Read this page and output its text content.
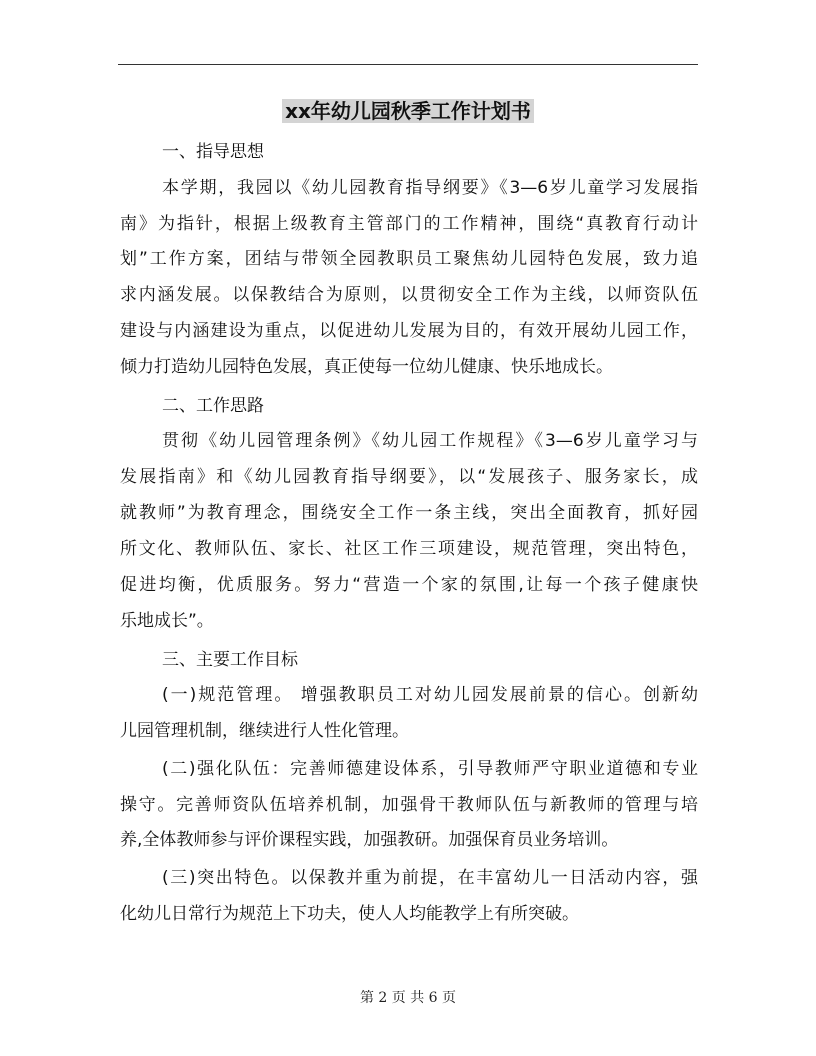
xx年幼儿园秋季工作计划书
一、指导思想
本学期，我园以《幼儿园教育指导纲要》《3—6岁儿童学习发展指
南》为指针，根据上级教育主管部门的工作精神，围绕“真教育行动计
划”工作方案，团结与带领全园教职员工聚焦幼儿园特色发展，致力追
求内涵发展。以保教结合为原则，以贯彻安全工作为主线，以师资队伍
建设与内涵建设为重点，以促进幼儿发展为目的，有效开展幼儿园工作，
倾力打造幼儿园特色发展，真正使每一位幼儿健康、快乐地成长。
二、工作思路
贯彻《幼儿园管理条例》《幼儿园工作规程》《3—6岁儿童学习与
发展指南》和《幼儿园教育指导纲要》，以“发展孩子、服务家长，成
就教师”为教育理念，围绕安全工作一条主线，突出全面教育，抓好园
所文化、教师队伍、家长、社区工作三项建设，规范管理，突出特色，
促进均衡，优质服务。努力“营造一个家的氛围,让每一个孩子健康快
乐地成长”。
三、主要工作目标
(一)规范管理。 增强教职员工对幼儿园发展前景的信心。创新幼
儿园管理机制，继续进行人性化管理。
(二)强化队伍：完善师德建设体系，引导教师严守职业道德和专业
操守。完善师资队伍培养机制，加强骨干教师队伍与新教师的管理与培
养,全体教师参与评价课程实践，加强教研。加强保育员业务培训。
(三)突出特色。以保教并重为前提，在丰富幼儿一日活动内容，强
化幼儿日常行为规范上下功夫，使人人均能教学上有所突破。
第 2 页 共 6 页
